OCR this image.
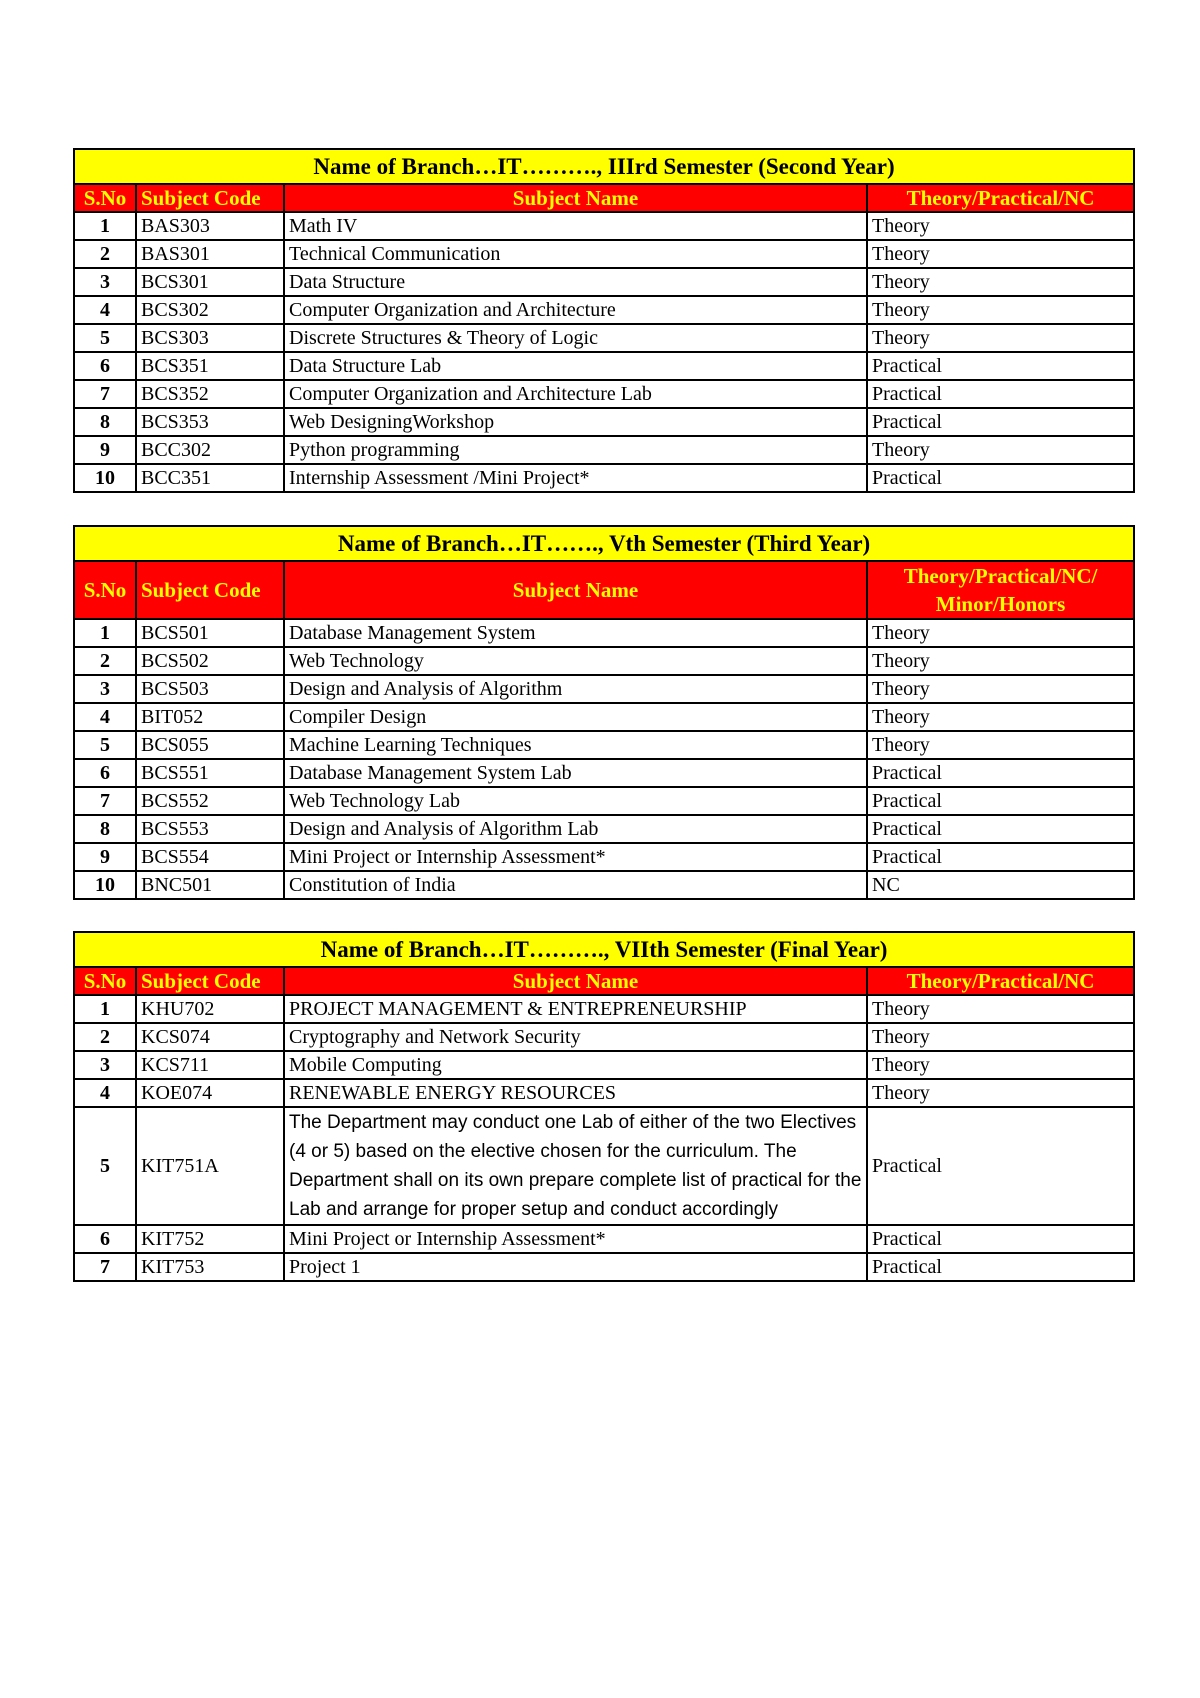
Name of Branch…IT………., IIIrd Semester (Second Year)			
S.No	Subject Code	Subject Name	Theory/Practical/NC
1	BAS303	Math IV	Theory
2	BAS301	Technical Communication	Theory
3	BCS301	Data Structure	Theory
4	BCS302	Computer Organization and Architecture	Theory
5	BCS303	Discrete Structures & Theory of Logic	Theory
6	BCS351	Data Structure Lab	Practical
7	BCS352	Computer Organization and Architecture Lab	Practical
8	BCS353	Web DesigningWorkshop	Practical
9	BCC302	Python programming	Theory
10	BCC351	Internship Assessment /Mini Project*	Practical
Name of Branch…IT……., Vth Semester (Third Year)			
S.No	Subject Code	Subject Name	Theory/Practical/NC/ Minor/Honors
1	BCS501	Database Management System	Theory
2	BCS502	Web Technology	Theory
3	BCS503	Design and Analysis of Algorithm	Theory
4	BIT052	Compiler Design	Theory
5	BCS055	Machine Learning Techniques	Theory
6	BCS551	Database Management System Lab	Practical
7	BCS552	Web Technology Lab	Practical
8	BCS553	Design and Analysis of Algorithm Lab	Practical
9	BCS554	Mini Project or Internship Assessment*	Practical
10	BNC501	Constitution of India	NC
Name of Branch…IT………., VIIth Semester (Final Year)			
S.No	Subject Code	Subject Name	Theory/Practical/NC
1	KHU702	PROJECT MANAGEMENT & ENTREPRENEURSHIP	Theory
2	KCS074	Cryptography and Network Security	Theory
3	KCS711	Mobile Computing	Theory
4	KOE074	RENEWABLE ENERGY RESOURCES	Theory
5	KIT751A	The Department may conduct one Lab of either of the two Electives (4 or 5) based on the elective chosen for the curriculum. The Department shall on its own prepare complete list of practical for the Lab and arrange for proper setup and conduct accordingly	Practical
6	KIT752	Mini Project or Internship Assessment*	Practical
7	KIT753	Project 1	Practical
